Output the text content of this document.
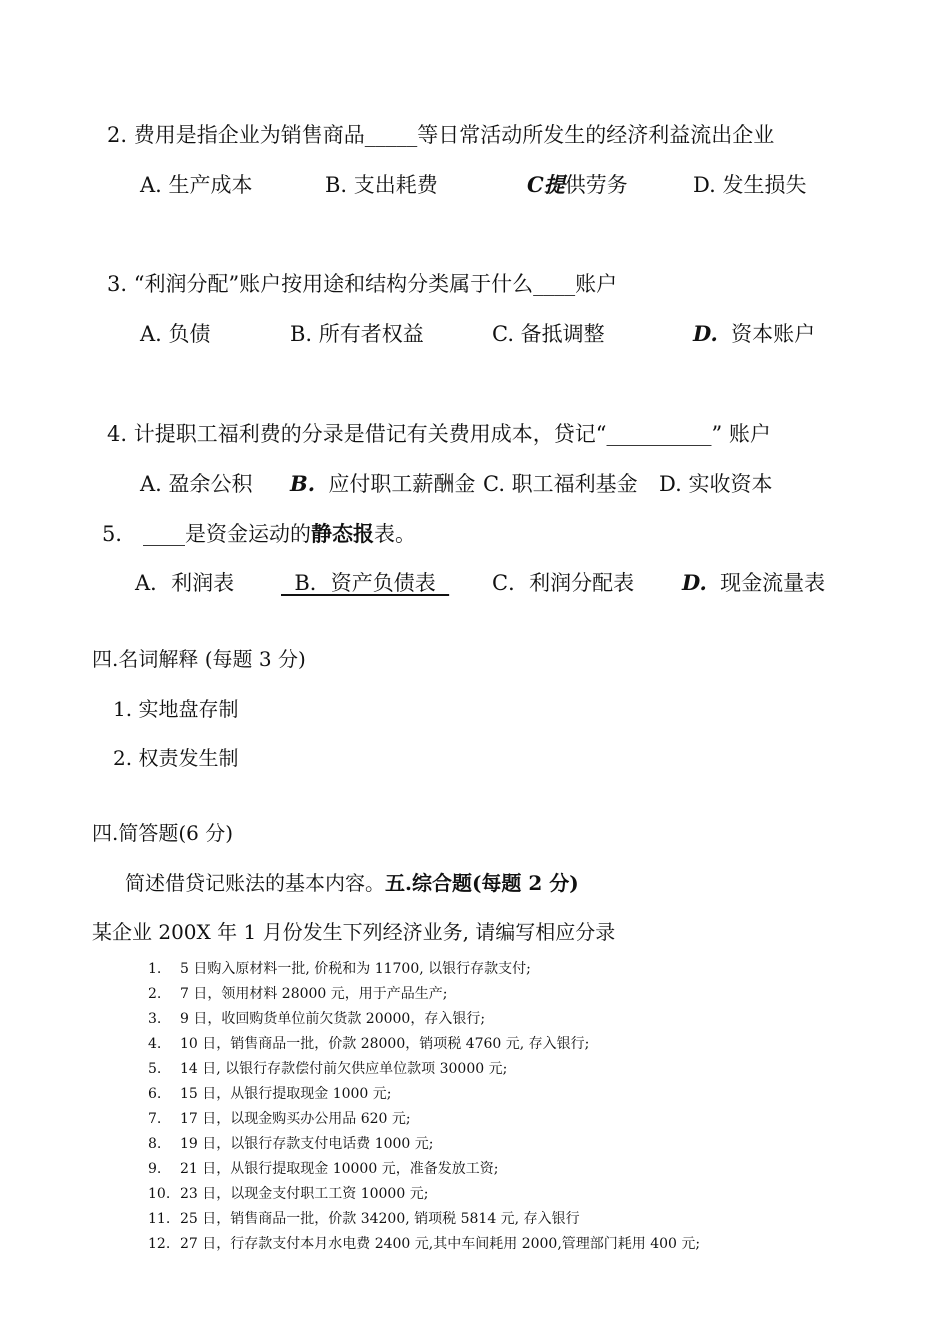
2. 费用是指企业为销售商品_____等日常活动所发生的经济利益流出企业
A. 生产成本	B. 支出耗费	C提供劳务	D. 发生损失
3. “利润分配”账户按用途和结构分类属于什么____账户
A. 负债	B. 所有者权益	C. 备抵调整	D. 资本账户
4. 计提职工福利费的分录是借记有关费用成本，贷记“__________” 账户
A. 盈余公积 B. 应付职工薪酬金 C. 职工福利基金 D. 实收资本
5． ____是资金运动的静态报表。
A．利润表 B．资产负债表 C．利润分配表 D. 现金流量表
四.名词解释 (每题 3 分)
1. 实地盘存制
2. 权责发生制
四.简答题(6 分)
简述借贷记账法的基本内容。五.综合题(每题 2 分)
某企业 200X 年 1 月份发生下列经济业务, 请编写相应分录
1. 5 日购入原材料一批, 价税和为 11700, 以银行存款支付;
2. 7 日，领用材料 28000 元，用于产品生产;
3. 9 日，收回购货单位前欠货款 20000，存入银行;
4. 10 日，销售商品一批，价款 28000，销项税 4760 元, 存入银行;
5. 14 日, 以银行存款偿付前欠供应单位款项 30000 元;
6. 15 日，从银行提取现金 1000 元;
7. 17 日，以现金购买办公用品 620 元;
8. 19 日，以银行存款支付电话费 1000 元;
9. 21 日，从银行提取现金 10000 元，准备发放工资;
10. 23 日，以现金支付职工工资 10000 元;
11. 25 日，销售商品一批，价款 34200, 销项税 5814 元, 存入银行
12. 27 日，行存款支付本月水电费 2400 元,其中车间耗用 2000,管理部门耗用 400 元;
